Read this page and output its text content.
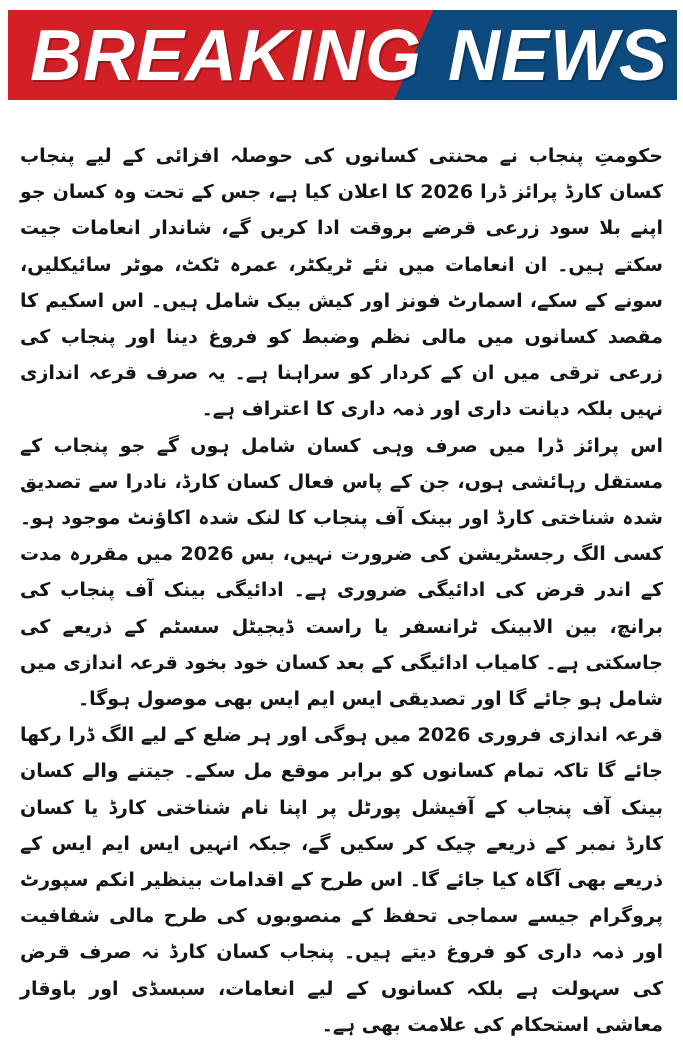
BREAKING NEWS

حکومتِ پنجاب نے محنتی کسانوں کی حوصلہ افزائی کے لیے پنجاب کسان کارڈ پرائز ڈرا 2026 کا اعلان کیا ہے، جس کے تحت وہ کسان جو اپنے بلا سود زرعی قرضے بروقت ادا کریں گے، شاندار انعامات جیت سکتے ہیں۔ ان انعامات میں نئے ٹریکٹر، عمرہ ٹکٹ، موٹر سائیکلیں، سونے کے سکے، اسمارٹ فونز اور کیش بیک شامل ہیں۔ اس اسکیم کا مقصد کسانوں میں مالی نظم وضبط کو فروغ دینا اور پنجاب کی زرعی ترقی میں ان کے کردار کو سراہنا ہے۔ یہ صرف قرعہ اندازی نہیں بلکہ دیانت داری اور ذمہ داری کا اعتراف ہے۔

اس پرائز ڈرا میں صرف وہی کسان شامل ہوں گے جو پنجاب کے مستقل رہائشی ہوں، جن کے پاس فعال کسان کارڈ، نادرا سے تصدیق شدہ شناختی کارڈ اور بینک آف پنجاب کا لنک شدہ اکاؤنٹ موجود ہو۔ کسی الگ رجسٹریشن کی ضرورت نہیں، بس 2026 میں مقررہ مدت کے اندر قرض کی ادائیگی ضروری ہے۔ ادائیگی بینک آف پنجاب کی برانچ، بین الابینک ٹرانسفر یا راست ڈیجیٹل سسٹم کے ذریعے کی جاسکتی ہے۔ کامیاب ادائیگی کے بعد کسان خود بخود قرعہ اندازی میں شامل ہو جائے گا اور تصدیقی ایس ایم ایس بھی موصول ہوگا۔

قرعہ اندازی فروری 2026 میں ہوگی اور ہر ضلع کے لیے الگ ڈرا رکھا جائے گا تاکہ تمام کسانوں کو برابر موقع مل سکے۔ جیتنے والے کسان بینک آف پنجاب کے آفیشل پورٹل پر اپنا نام شناختی کارڈ یا کسان کارڈ نمبر کے ذریعے چیک کر سکیں گے، جبکہ انہیں ایس ایم ایس کے ذریعے بھی آگاہ کیا جائے گا۔ اس طرح کے اقدامات بینظیر انکم سپورٹ پروگرام جیسے سماجی تحفظ کے منصوبوں کی طرح مالی شفافیت اور ذمہ داری کو فروغ دیتے ہیں۔ پنجاب کسان کارڈ نہ صرف قرض کی سہولت ہے بلکہ کسانوں کے لیے انعامات، سبسڈی اور باوقار معاشی استحکام کی علامت بھی ہے۔
